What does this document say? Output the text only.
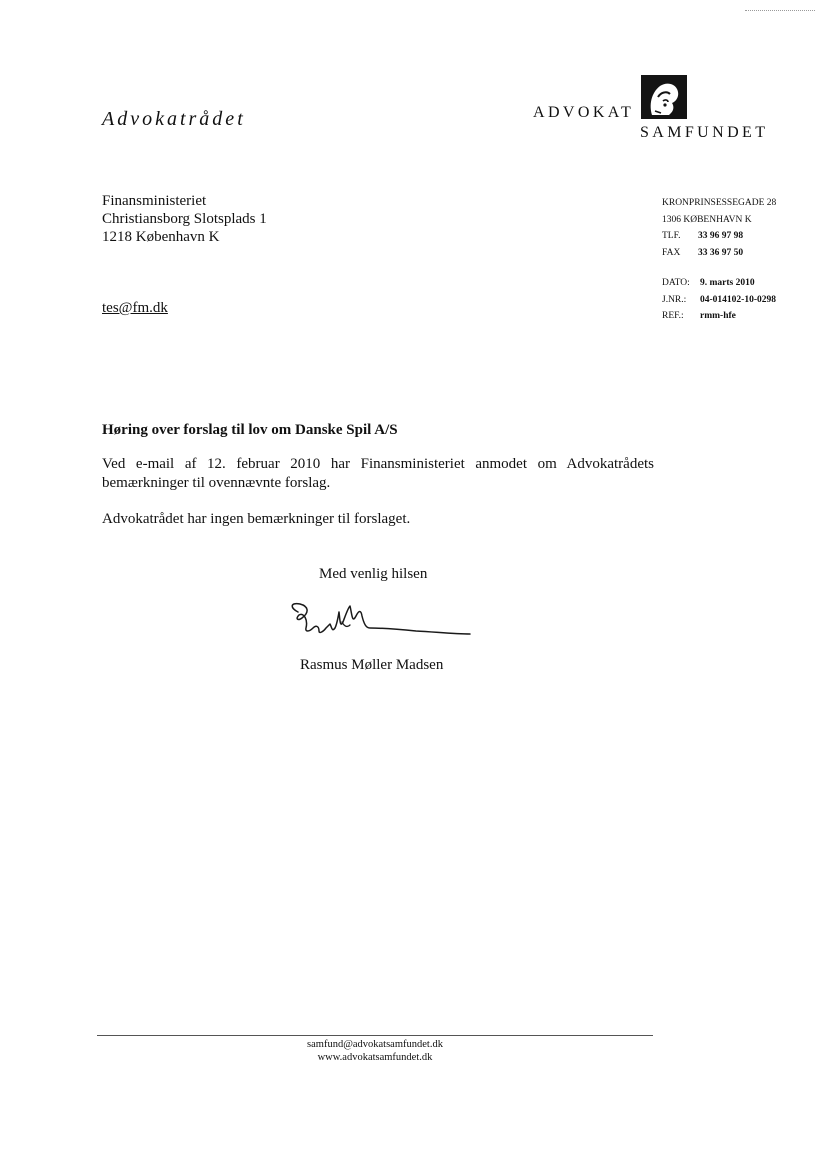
Advokatrådet	ADVOKAT
SAMFUNDET
Finansministeriet
Christiansborg Slotsplads 1
1218 København K
tes@fm.dk
KRONPRINSESSEGADE 28
1306 KØBENHAVN K
TLF. 33 96 97 98
FAX 33 36 97 50
DATO: 9. marts 2010
J.NR.: 04-014102-10-0298
REF.: rmm-hfe
Høring over forslag til lov om Danske Spil A/S
Ved e-mail af 12. februar 2010 har Finansministeriet anmodet om Advokatrådets
bemærkninger til ovennævnte forslag.
Advokatrådet har ingen bemærkninger til forslaget.
Med venlig hilsen
Rasmus Møller Madsen
samfund@advokatsamfundet.dk
www.advokatsamfundet.dk
